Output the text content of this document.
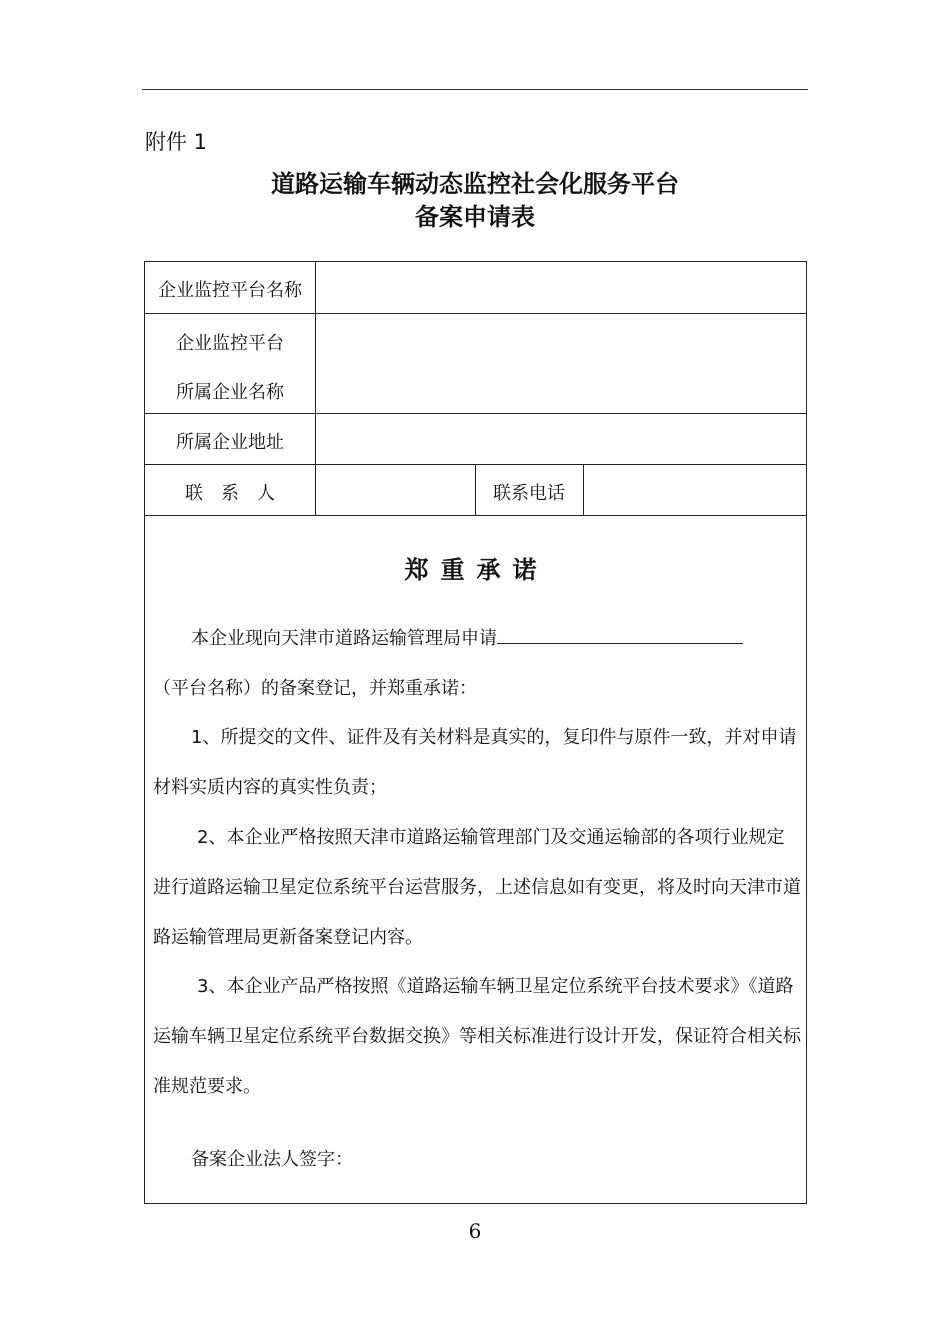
附件 1
道路运输车辆动态监控社会化服务平台
备案申请表
企业监控平台名称
企业监控平台
所属企业名称
所属企业地址
联　系　人	联系电话
郑重承诺
本企业现向天津市道路运输管理局申请
（平台名称）的备案登记，并郑重承诺：
1、所提交的文件、证件及有关材料是真实的，复印件与原件一致，并对申请材料实质内容的真实性负责；
2、本企业严格按照天津市道路运输管理部门及交通运输部的各项行业规定进行道路运输卫星定位系统平台运营服务，上述信息如有变更，将及时向天津市道路运输管理局更新备案登记内容。
3、本企业产品严格按照《道路运输车辆卫星定位系统平台技术要求》《道路运输车辆卫星定位系统平台数据交换》等相关标准进行设计开发，保证符合相关标准规范要求。
备案企业法人签字：
6
